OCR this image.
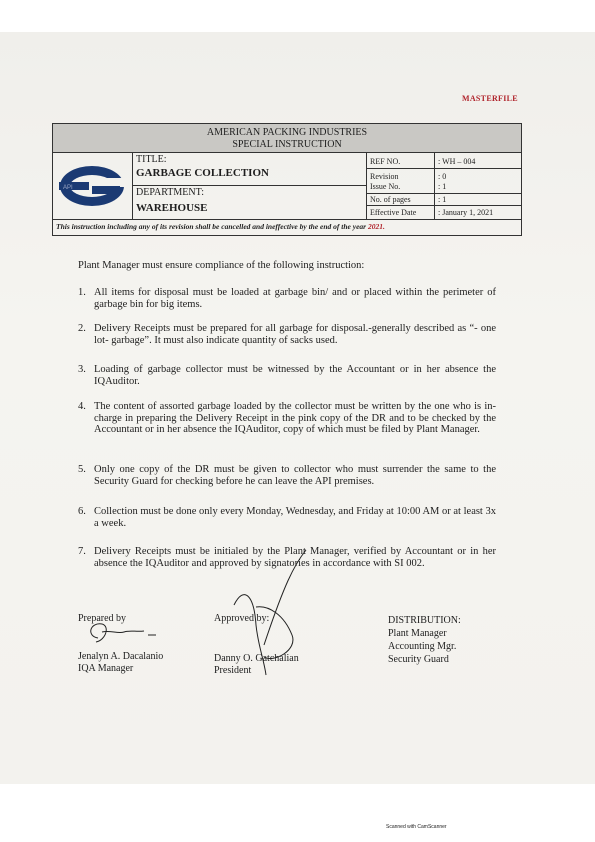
MASTERFILE
AMERICAN PACKING INDUSTRIES
SPECIAL INSTRUCTION
API
TITLE:
GARBAGE COLLECTION
DEPARTMENT:
WAREHOUSE
REF NO.	: WH – 004
Revision	: 0
Issue No.	: 1
No. of pages	: 1
Effective Date	: January 1, 2021
This instruction including any of its revision shall be cancelled and ineffective by the end of the year 2021.
Plant Manager must ensure compliance of the following instruction:
1. All items for disposal must be loaded at garbage bin/ and or placed within the perimeter of garbage bin for big items.
2. Delivery Receipts must be prepared for all garbage for disposal.-generally described as “- one lot- garbage”. It must also indicate quantity of sacks used.
3. Loading of garbage collector must be witnessed by the Accountant or in her absence the IQAuditor.
4. The content of assorted garbage loaded by the collector must be written by the one who is in-charge in preparing the Delivery Receipt in the pink copy of the DR and to be checked by the Accountant or in her absence the IQAuditor, copy of which must be filed by Plant Manager.
5. Only one copy of the DR must be given to collector who must surrender the same to the Security Guard for checking before he can leave the API premises.
6. Collection must be done only every Monday, Wednesday, and Friday at 10:00 AM or at least 3x a week.
7. Delivery Receipts must be initialed by the Plant Manager, verified by Accountant or in her absence the IQAuditor and approved by signatories in accordance with SI 002.
Prepared by
Jenalyn A. Dacalanio
IQA Manager
Approved by:
Danny O. Gatchalian
President
DISTRIBUTION:
Plant Manager
Accounting Mgr.
Security Guard
Scanned with CamScanner
